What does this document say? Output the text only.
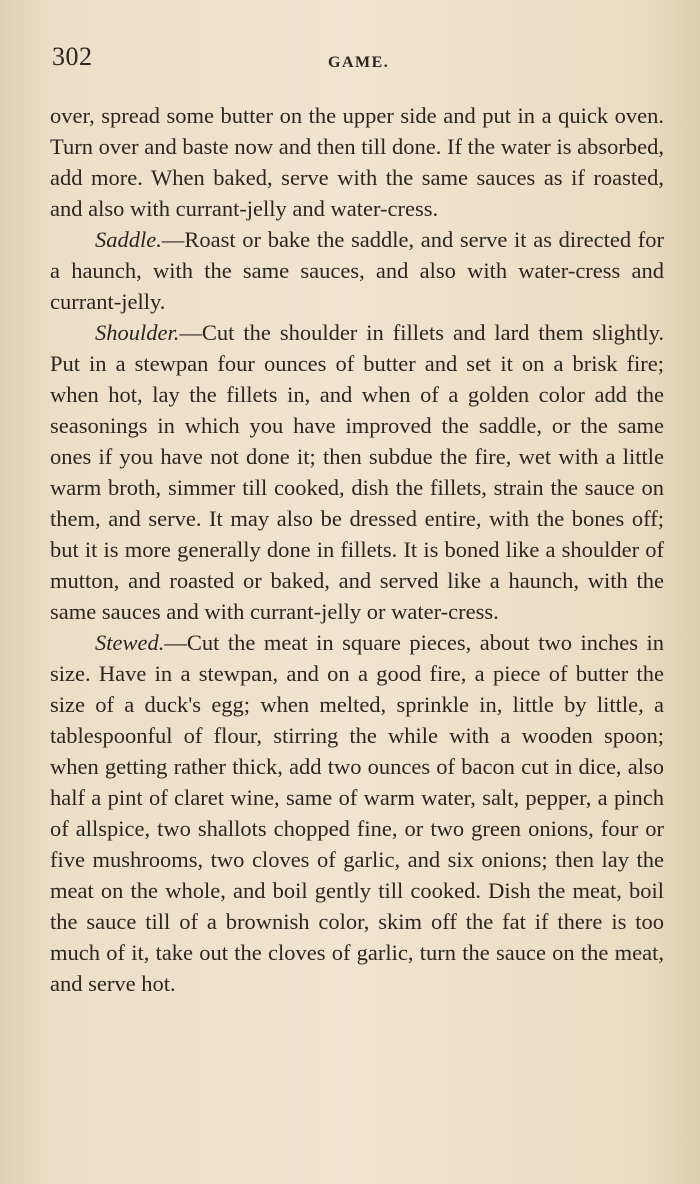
302	GAME.

over, spread some butter on the upper side and put in a quick oven. Turn over and baste now and then till done. If the water is absorbed, add more. When baked, serve with the same sauces as if roasted, and also with currant-jelly and water-cress.

Saddle.—Roast or bake the saddle, and serve it as directed for a haunch, with the same sauces, and also with water-cress and currant-jelly.

Shoulder.—Cut the shoulder in fillets and lard them slightly. Put in a stewpan four ounces of butter and set it on a brisk fire; when hot, lay the fillets in, and when of a golden color add the seasonings in which you have improved the saddle, or the same ones if you have not done it; then subdue the fire, wet with a little warm broth, simmer till cooked, dish the fillets, strain the sauce on them, and serve. It may also be dressed entire, with the bones off; but it is more generally done in fillets. It is boned like a shoulder of mutton, and roasted or baked, and served like a haunch, with the same sauces and with currant-jelly or water-cress.

Stewed.—Cut the meat in square pieces, about two inches in size. Have in a stewpan, and on a good fire, a piece of butter the size of a duck's egg; when melted, sprinkle in, little by little, a tablespoonful of flour, stirring the while with a wooden spoon; when getting rather thick, add two ounces of bacon cut in dice, also half a pint of claret wine, same of warm water, salt, pepper, a pinch of allspice, two shallots chopped fine, or two green onions, four or five mushrooms, two cloves of garlic, and six onions; then lay the meat on the whole, and boil gently till cooked. Dish the meat, boil the sauce till of a brownish color, skim off the fat if there is too much of it, take out the cloves of garlic, turn the sauce on the meat, and serve hot.
